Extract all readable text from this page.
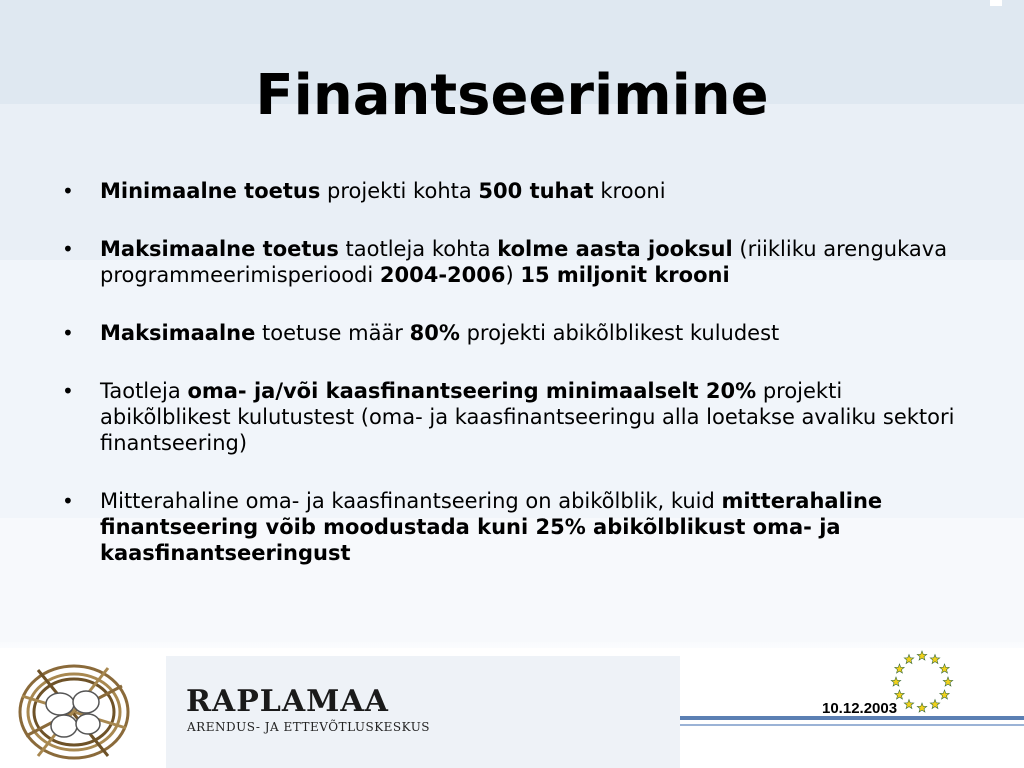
Finantseerimine
• Minimaalne toetus projekti kohta 500 tuhat krooni
• Maksimaalne toetus taotleja kohta kolme aasta jooksul (riikliku arengukava programmeerimisperioodi 2004-2006) 15 miljonit krooni
• Maksimaalne toetuse määr 80% projekti abikõlblikest kuludest
• Taotleja oma- ja/või kaasfinantseering minimaalselt 20% projekti abikõlblikest kulutustest (oma- ja kaasfinantseeringu alla loetakse avaliku sektori finantseering)
• Mitterahaline oma- ja kaasfinantseering on abikõlblik, kuid mitterahaline finantseering võib moodustada kuni 25% abikõlblikust oma- ja kaasfinantseeringust
RAPLAMAA
ARENDUS- JA ETTEVÕTLUSKESKUS
10.12.2003
